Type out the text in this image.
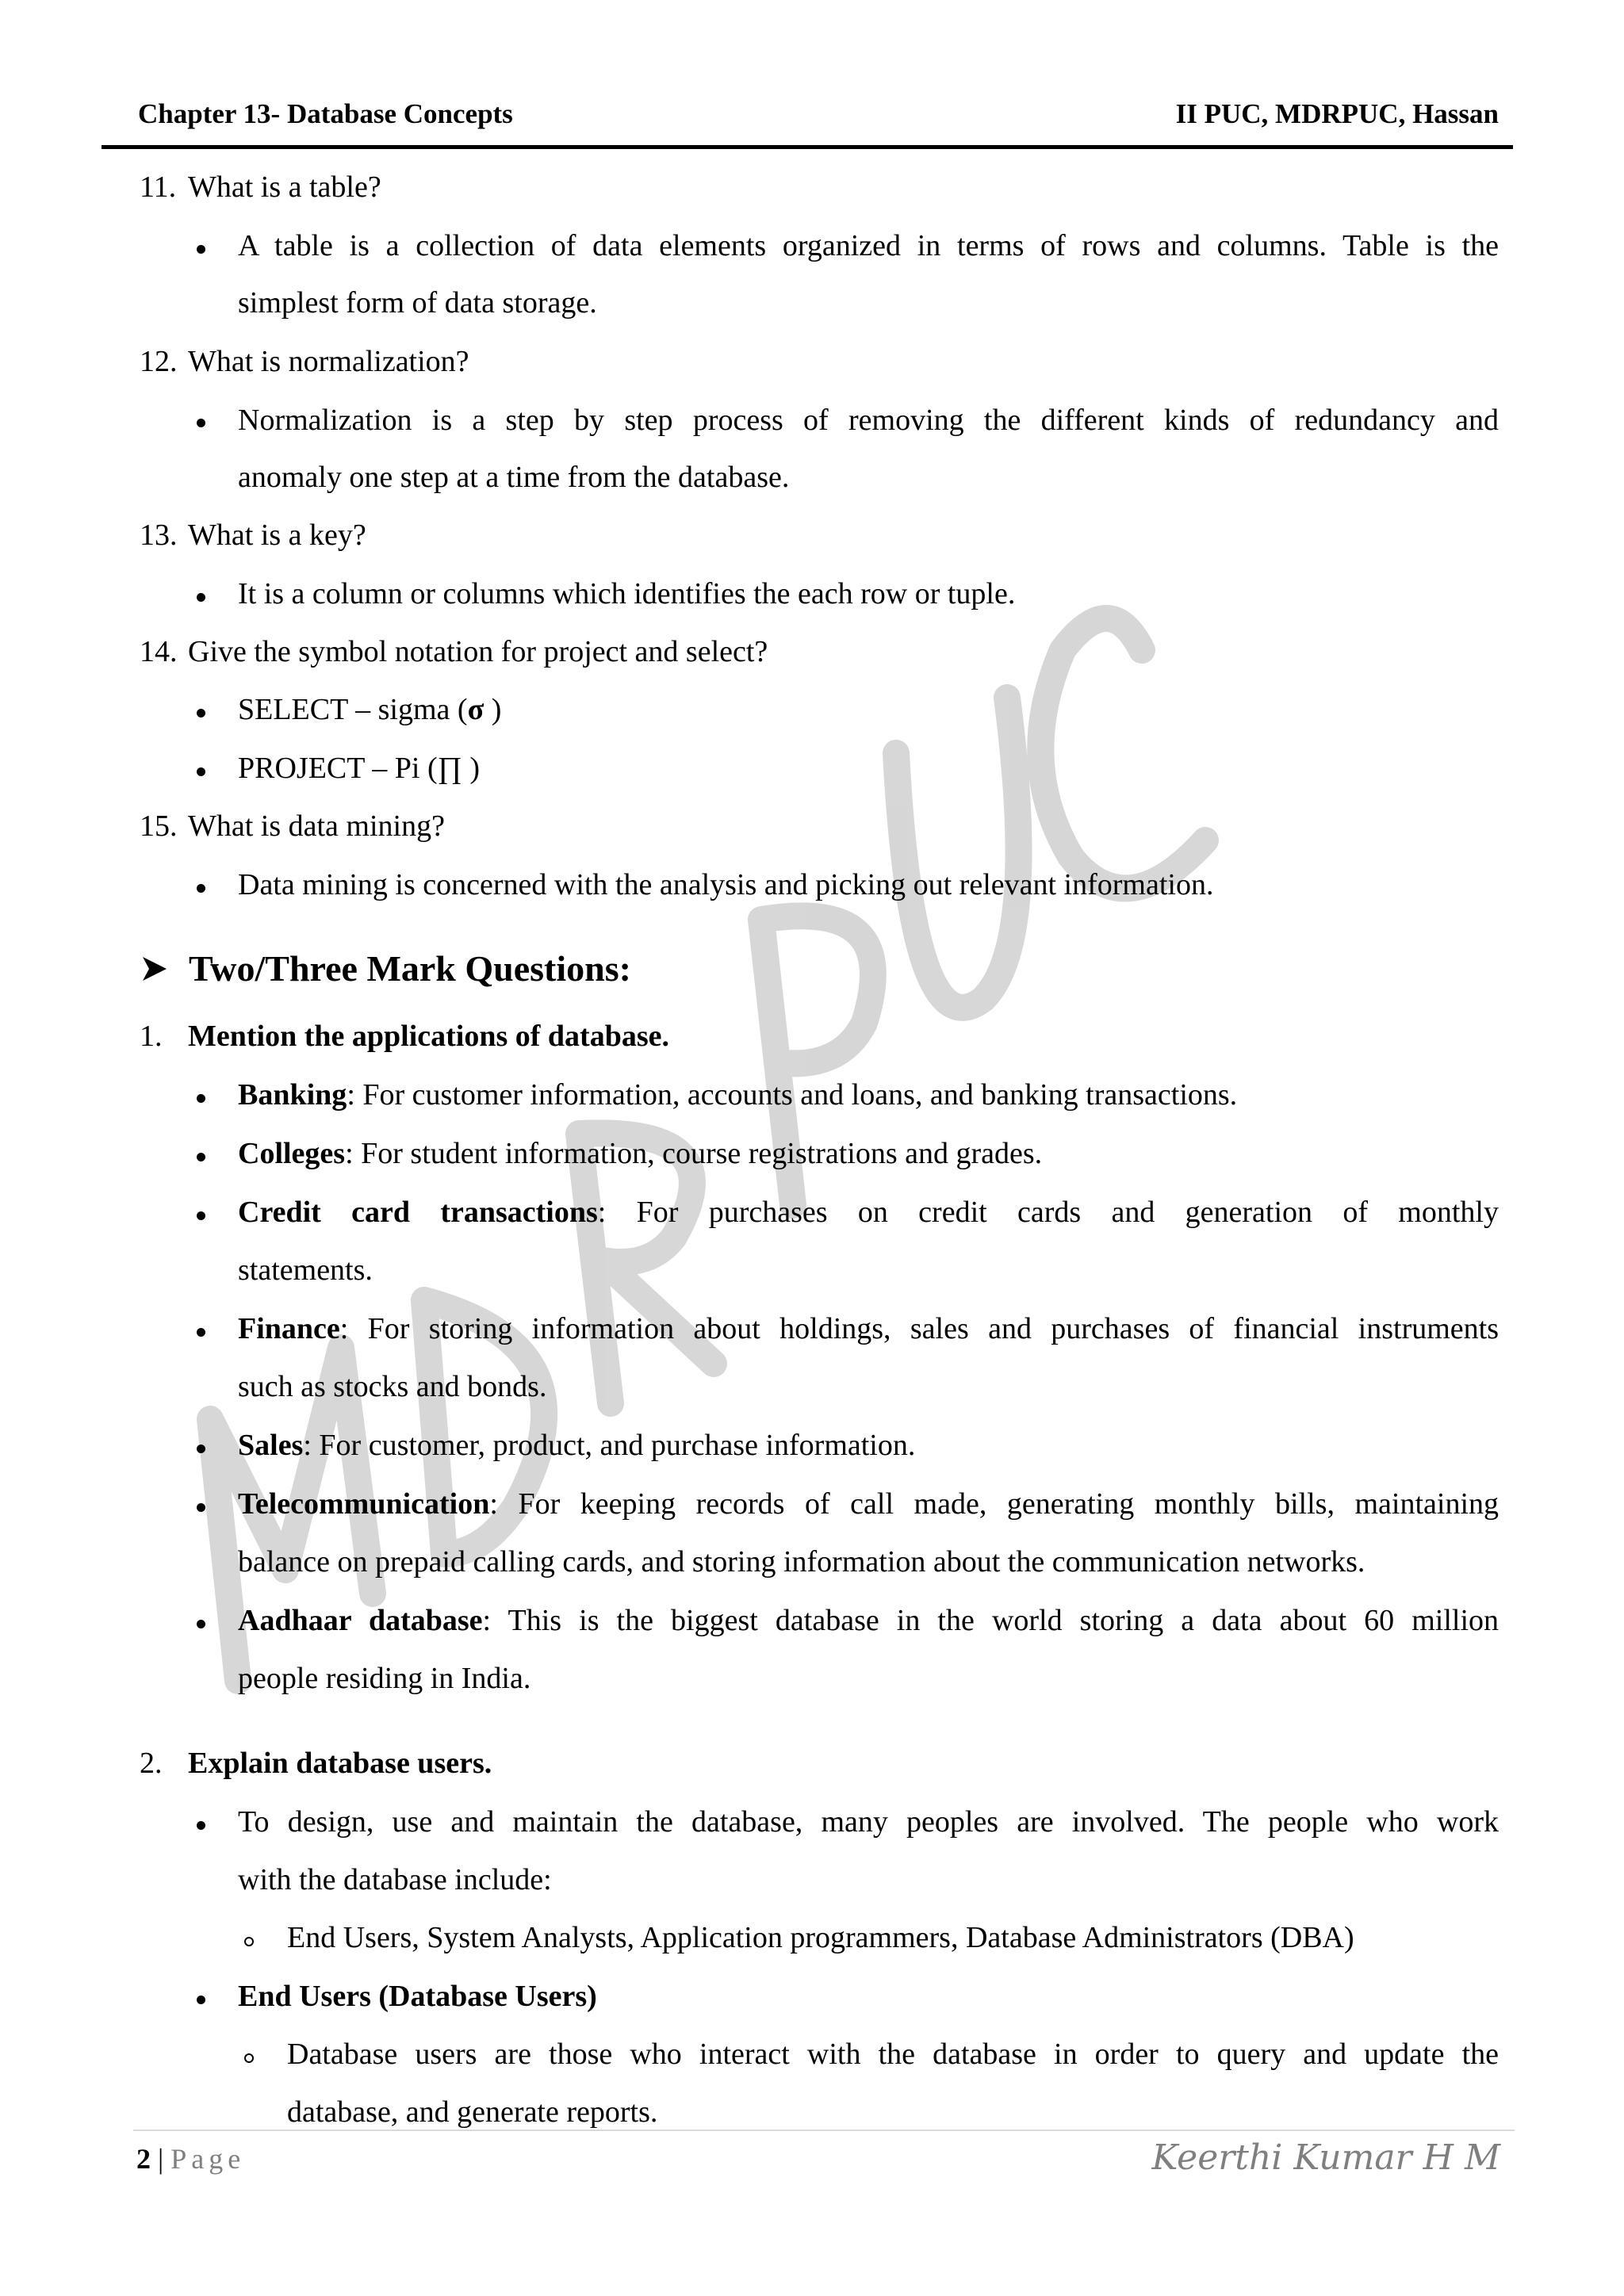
Chapter 13- Database Concepts	II PUC, MDRPUC, Hassan
11. What is a table?
A table is a collection of data elements organized in terms of rows and columns. Table is the
simplest form of data storage.
12. What is normalization?
Normalization is a step by step process of removing the different kinds of redundancy and
anomaly one step at a time from the database.
13. What is a key?
It is a column or columns which identifies the each row or tuple.
14. Give the symbol notation for project and select?
SELECT – sigma (σ )
PROJECT – Pi (∏ )
15. What is data mining?
Data mining is concerned with the analysis and picking out relevant information.
Two/Three Mark Questions:
1. Mention the applications of database.
Banking: For customer information, accounts and loans, and banking transactions.
Colleges: For student information, course registrations and grades.
Credit card transactions: For purchases on credit cards and generation of monthly
statements.
Finance: For storing information about holdings, sales and purchases of financial instruments
such as stocks and bonds.
Sales: For customer, product, and purchase information.
Telecommunication: For keeping records of call made, generating monthly bills, maintaining
balance on prepaid calling cards, and storing information about the communication networks.
Aadhaar database: This is the biggest database in the world storing a data about 60 million
people residing in India.
2. Explain database users.
To design, use and maintain the database, many peoples are involved. The people who work
with the database include:
End Users, System Analysts, Application programmers, Database Administrators (DBA)
End Users (Database Users)
Database users are those who interact with the database in order to query and update the
database, and generate reports.
2 | Page	Keerthi Kumar H M
